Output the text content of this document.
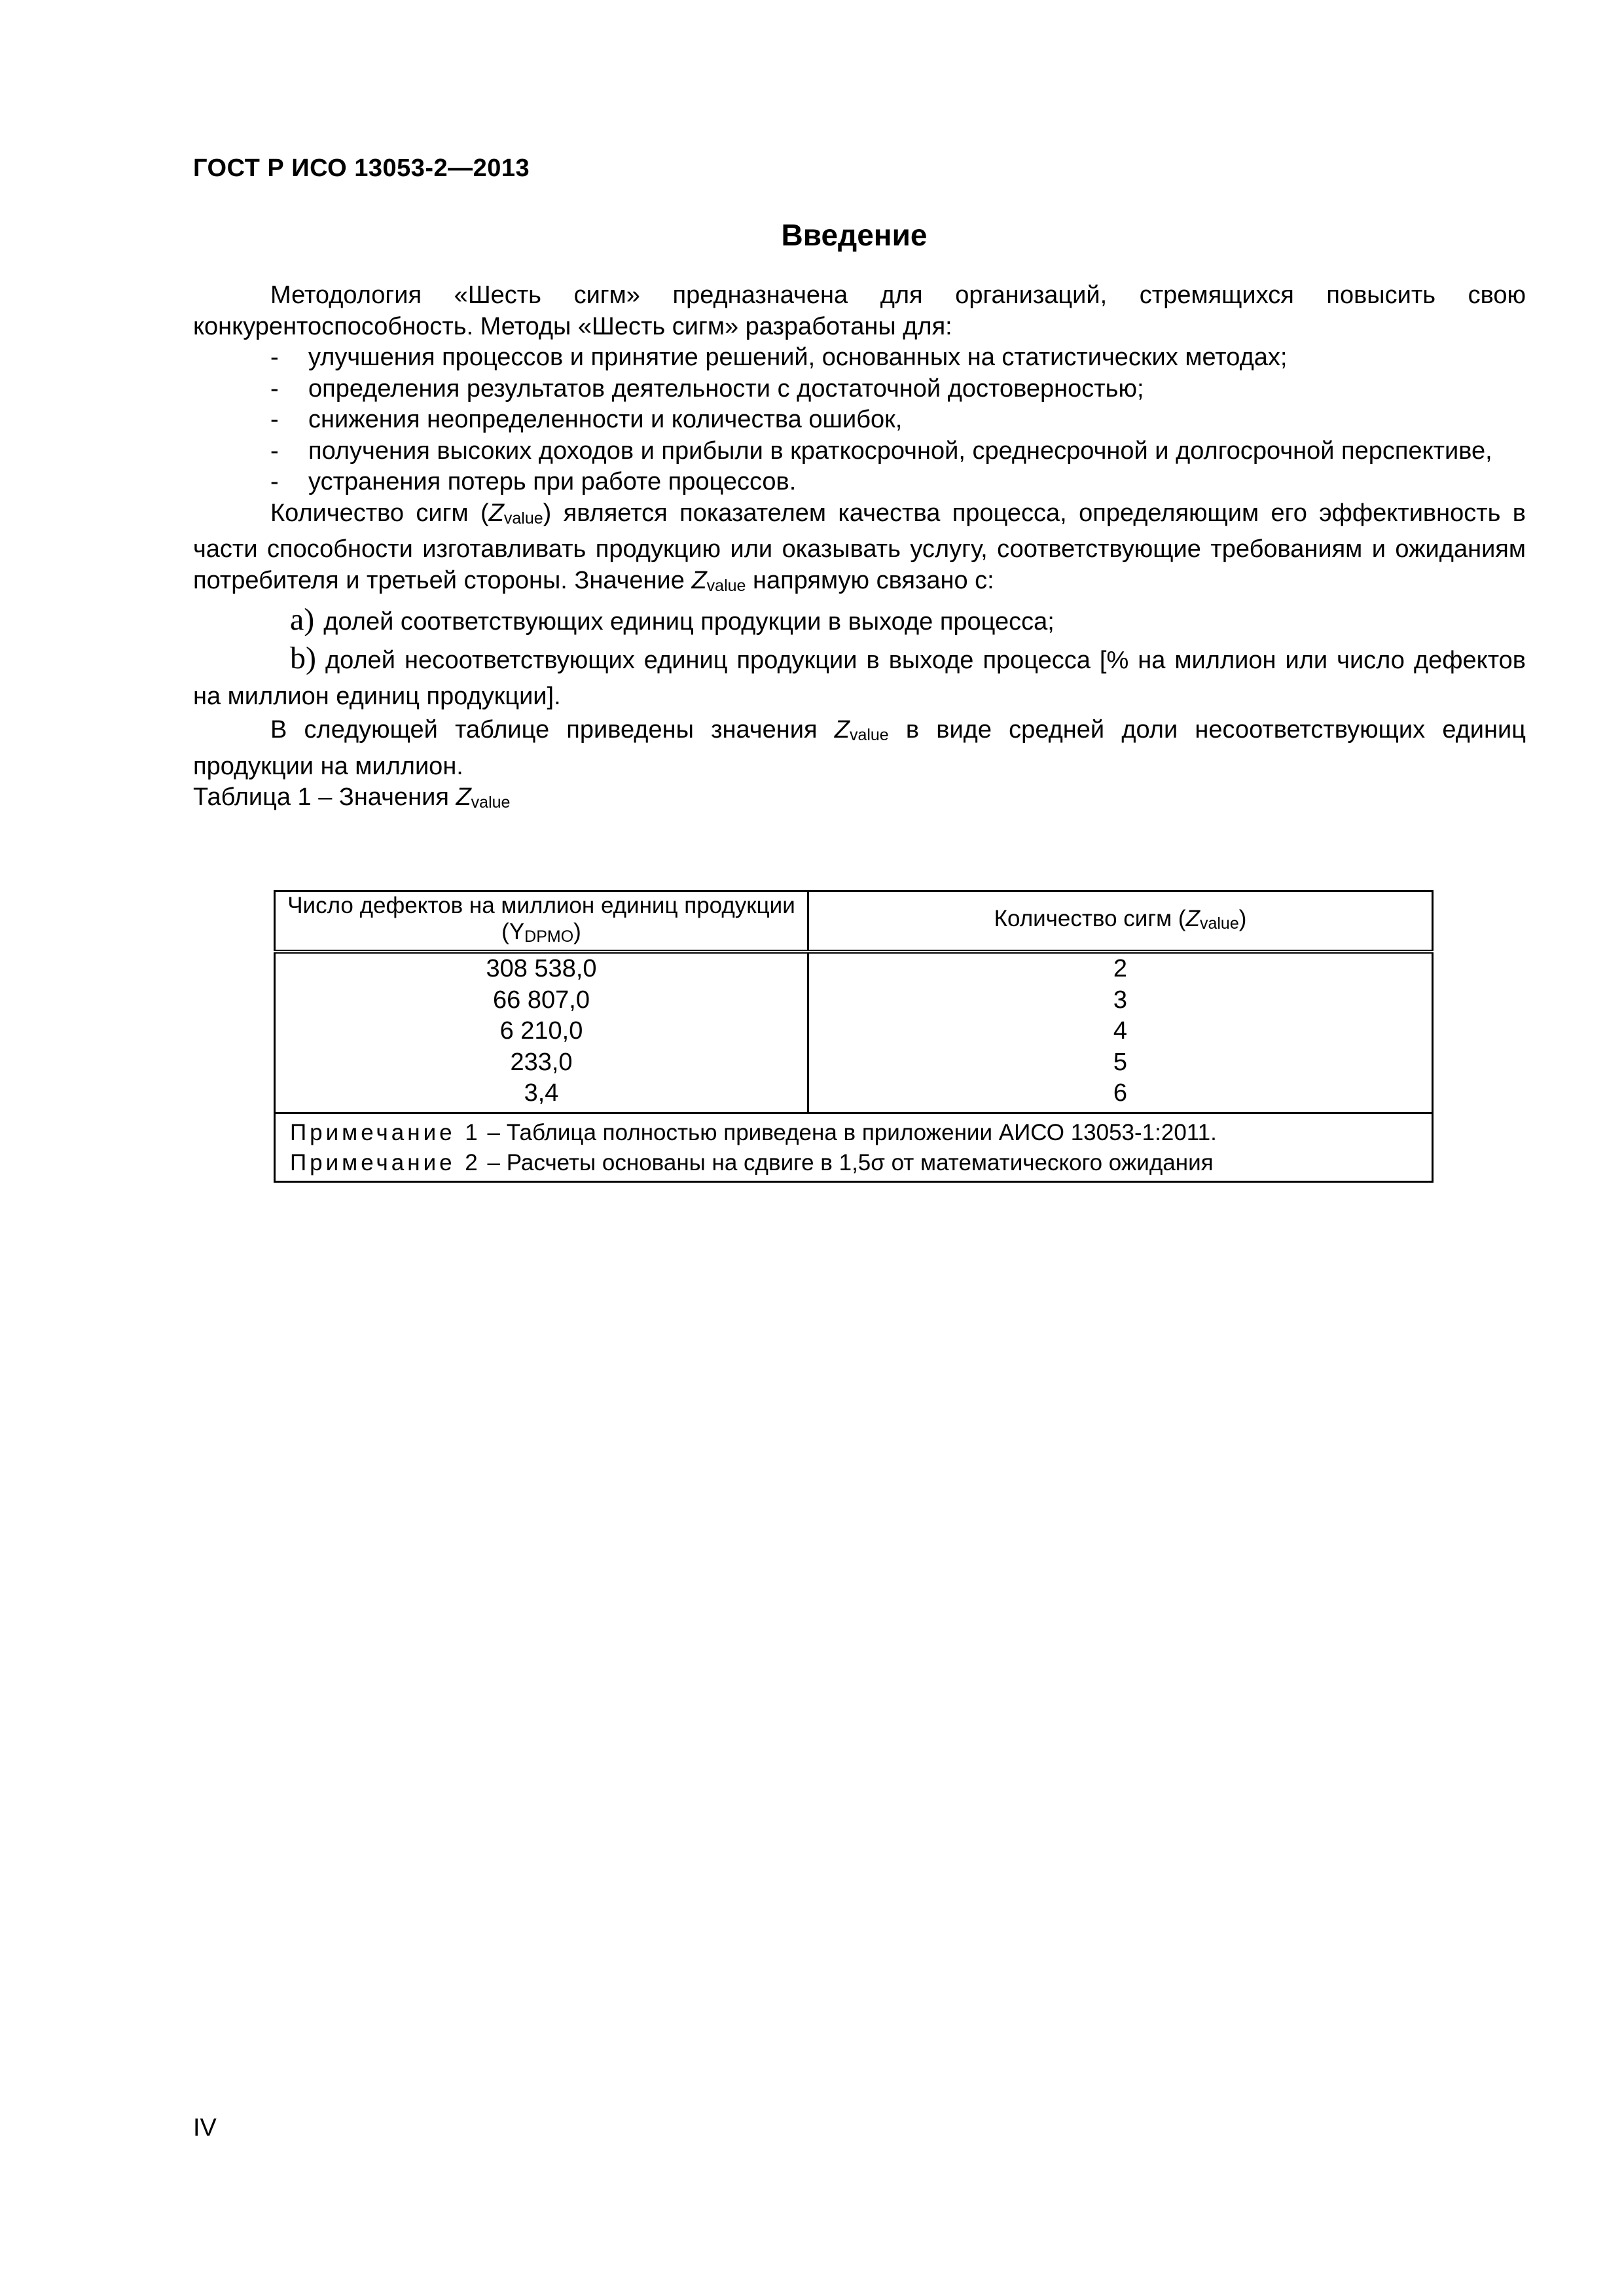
ГОСТ Р ИСО 13053-2—2013
Введение

Методология «Шесть сигм» предназначена для организаций, стремящихся повысить свою конкурентоспособность. Методы «Шесть сигм» разработаны для:

- улучшения процессов и принятие решений, основанных на статистических методах;

- определения результатов деятельности с достаточной достоверностью;

- снижения неопределенности и количества ошибок,

- получения высоких доходов и прибыли в краткосрочной, среднесрочной и долгосрочной перспективе,

- устранения потерь при работе процессов.

Количество сигм (Zvalue) является показателем качества процесса, определяющим его эффективность в части способности изготавливать продукцию или оказывать услугу, соответствующие требованиям и ожиданиям потребителя и третьей стороны. Значение Zvalue напрямую связано с:

a) долей соответствующих единиц продукции в выходе процесса;

b) долей несоответствующих единиц продукции в выходе процесса [% на миллион или число дефектов на миллион единиц продукции].

В следующей таблице приведены значения Zvalue в виде средней доли несоответствующих единиц продукции на миллион.

Таблица 1 – Значения Zvalue

Число дефектов на миллион единиц продукции (YDPMO)	Количество сигм (Zvalue)
308 538,0	2
66 807,0	3
6 210,0	4
233,0	5
3,4	6

Примечание 1 – Таблица полностью приведена в приложении АИСО 13053-1:2011.
Примечание 2 – Расчеты основаны на сдвиге в 1,5σ от математического ожидания	
IV
